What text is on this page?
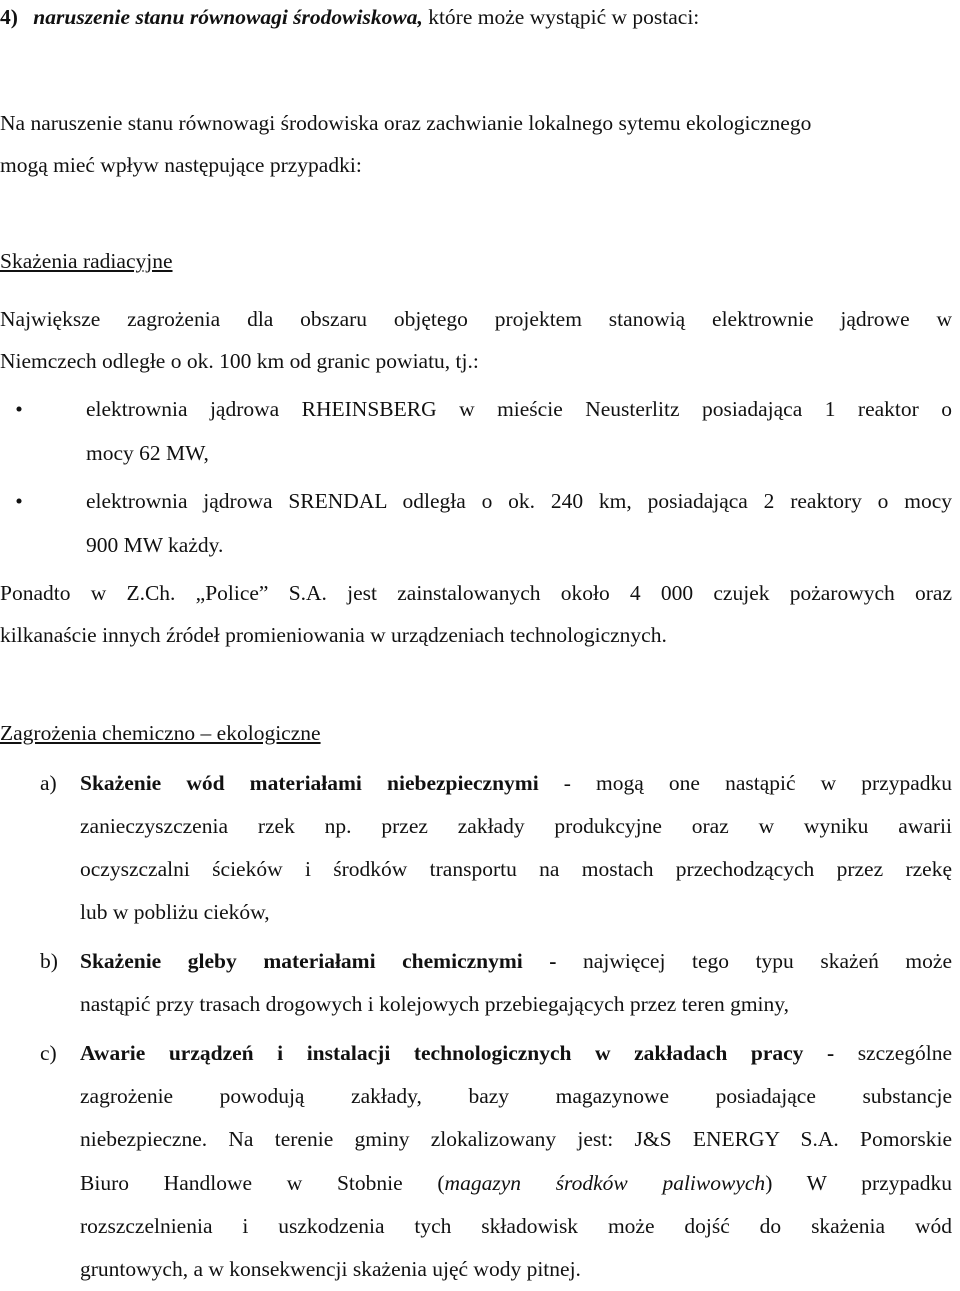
4) naruszenie stanu równowagi środowiskowa, które może wystąpić w postaci:
Na naruszenie stanu równowagi środowiska oraz zachwianie lokalnego sytemu ekologicznego
mogą mieć wpływ następujące przypadki:
Skażenia radiacyjne
Największe zagrożenia dla obszaru objętego projektem stanowią elektrownie jądrowe w
Niemczech odległe o ok. 100 km od granic powiatu, tj.:
•	elektrownia jądrowa RHEINSBERG w mieście Neusterlitz posiadająca 1 reaktor o
mocy 62 MW,
•	elektrownia jądrowa SRENDAL odległa o ok. 240 km, posiadająca 2 reaktory o mocy
900 MW każdy.
Ponadto w Z.Ch. „Police” S.A. jest zainstalowanych około 4 000 czujek pożarowych oraz
kilkanaście innych źródeł promieniowania w urządzeniach technologicznych.
Zagrożenia chemiczno – ekologiczne
a)	Skażenie wód materiałami niebezpiecznymi - mogą one nastąpić w przypadku
zanieczyszczenia rzek np. przez zakłady produkcyjne oraz w wyniku awarii
oczyszczalni ścieków i środków transportu na mostach przechodzących przez rzekę
lub w pobliżu cieków,
b)	Skażenie gleby materiałami chemicznymi - najwięcej tego typu skażeń może
nastąpić przy trasach drogowych i kolejowych przebiegających przez teren gminy,
c)	Awarie urządzeń i instalacji technologicznych w zakładach pracy - szczególne
zagrożenie powodują zakłady, bazy magazynowe posiadające substancje
niebezpieczne. Na terenie gminy zlokalizowany jest: J&S ENERGY S.A. Pomorskie
Biuro Handlowe w Stobnie (magazyn środków paliwowych) W przypadku
rozszczelnienia i uszkodzenia tych składowisk może dojść do skażenia wód
gruntowych, a w konsekwencji skażenia ujęć wody pitnej.
